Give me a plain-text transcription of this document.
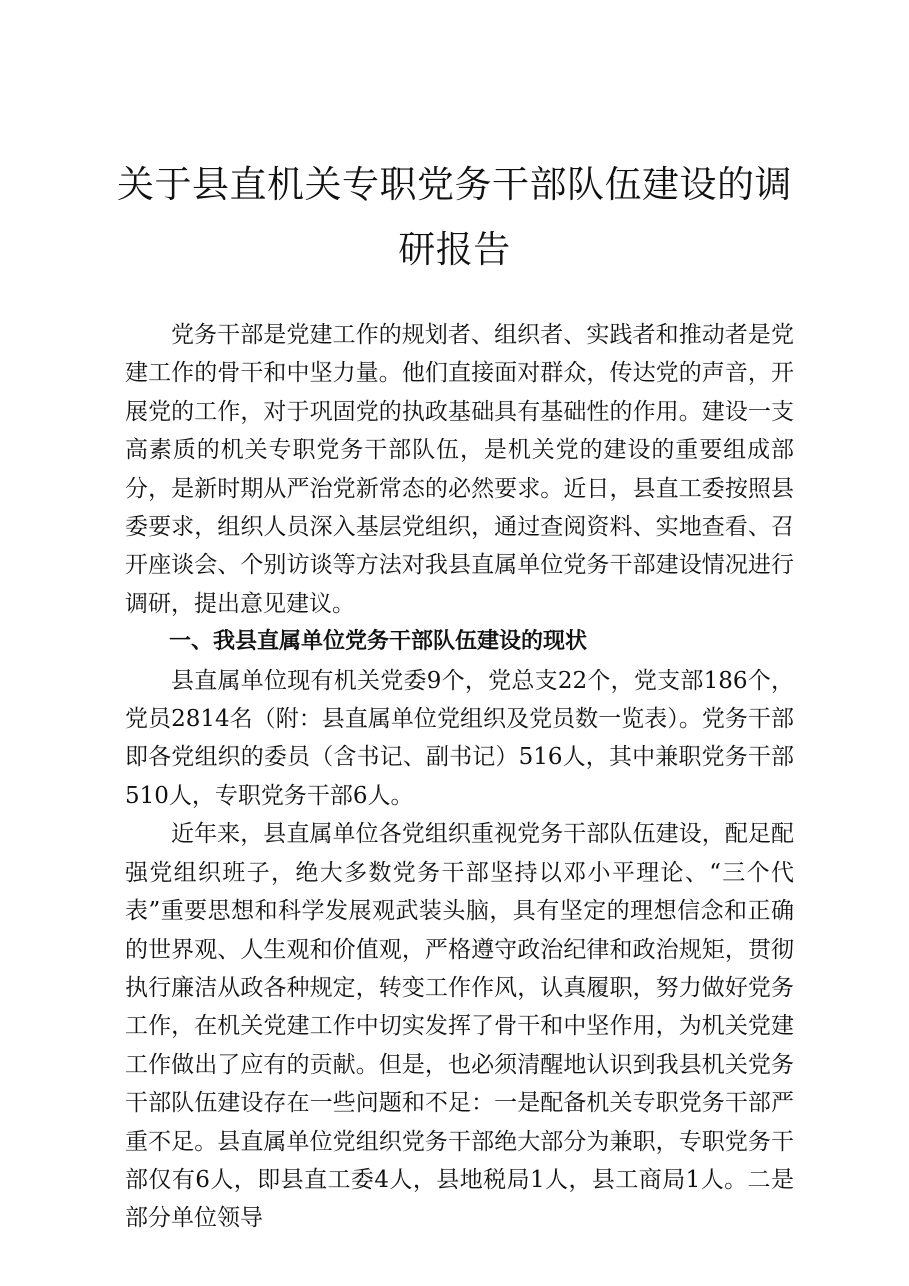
关于县直机关专职党务干部队伍建设的调研报告

党务干部是党建工作的规划者、组织者、实践者和推动者是党建工作的骨干和中坚力量。他们直接面对群众，传达党的声音，开展党的工作，对于巩固党的执政基础具有基础性的作用。建设一支高素质的机关专职党务干部队伍，是机关党的建设的重要组成部分，是新时期从严治党新常态的必然要求。近日，县直工委按照县委要求，组织人员深入基层党组织，通过查阅资料、实地查看、召开座谈会、个别访谈等方法对我县直属单位党务干部建设情况进行调研，提出意见建议。

一、我县直属单位党务干部队伍建设的现状

县直属单位现有机关党委9个，党总支22个，党支部186个，党员2814名（附：县直属单位党组织及党员数一览表）。党务干部即各党组织的委员（含书记、副书记）516人，其中兼职党务干部510人，专职党务干部6人。

近年来，县直属单位各党组织重视党务干部队伍建设，配足配强党组织班子，绝大多数党务干部坚持以邓小平理论、“三个代表”重要思想和科学发展观武装头脑，具有坚定的理想信念和正确的世界观、人生观和价值观，严格遵守政治纪律和政治规矩，贯彻执行廉洁从政各种规定，转变工作作风，认真履职，努力做好党务工作，在机关党建工作中切实发挥了骨干和中坚作用，为机关党建工作做出了应有的贡献。但是，也必须清醒地认识到我县机关党务干部队伍建设存在一些问题和不足：一是配备机关专职党务干部严重不足。县直属单位党组织党务干部绝大部分为兼职，专职党务干部仅有6人，即县直工委4人，县地税局1人，县工商局1人。二是部分单位领导
